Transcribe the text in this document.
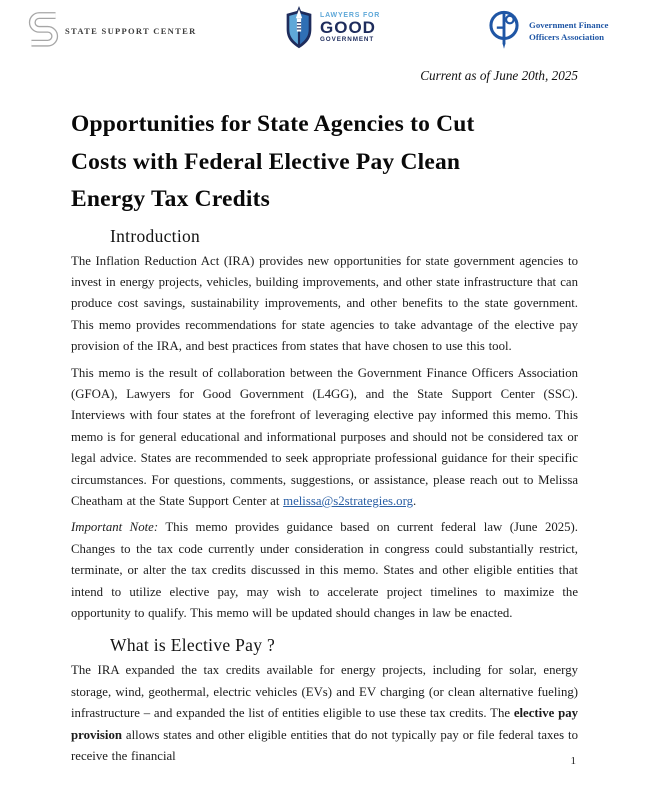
STATE SUPPORT CENTER
LAWYERS FOR
GOOD
GOVERNMENT
Government Finance
Officers Association
Current as of June 20th, 2025
Opportunities for State Agencies to Cut
Costs with Federal Elective Pay Clean
Energy Tax Credits
Introduction

The Inflation Reduction Act (IRA) provides new opportunities for state government agencies to invest in energy projects, vehicles, building improvements, and other state infrastructure that can produce cost savings, sustainability improvements, and other benefits to the state government. This memo provides recommendations for state agencies to take advantage of the elective pay provision of the IRA, and best practices from states that have chosen to use this tool.

This memo is the result of collaboration between the Government Finance Officers Association (GFOA), Lawyers for Good Government (L4GG), and the State Support Center (SSC). Interviews with four states at the forefront of leveraging elective pay informed this memo. This memo is for general educational and informational purposes and should not be considered tax or legal advice. States are recommended to seek appropriate professional guidance for their specific circumstances. For questions, comments, suggestions, or assistance, please reach out to Melissa Cheatham at the State Support Center at melissa@s2strategies.org.

Important Note: This memo provides guidance based on current federal law (June 2025). Changes to the tax code currently under consideration in congress could substantially restrict, terminate, or alter the tax credits discussed in this memo. States and other eligible entities that intend to utilize elective pay, may wish to accelerate project timelines to maximize the opportunity to qualify. This memo will be updated should changes in law be enacted.

What is Elective Pay ?

The IRA expanded the tax credits available for energy projects, including for solar, energy storage, wind, geothermal, electric vehicles (EVs) and EV charging (or clean alternative fueling) infrastructure – and expanded the list of entities eligible to use these tax credits. The elective pay provision allows states and other eligible entities that do not typically pay or file federal taxes to receive the financial	1
